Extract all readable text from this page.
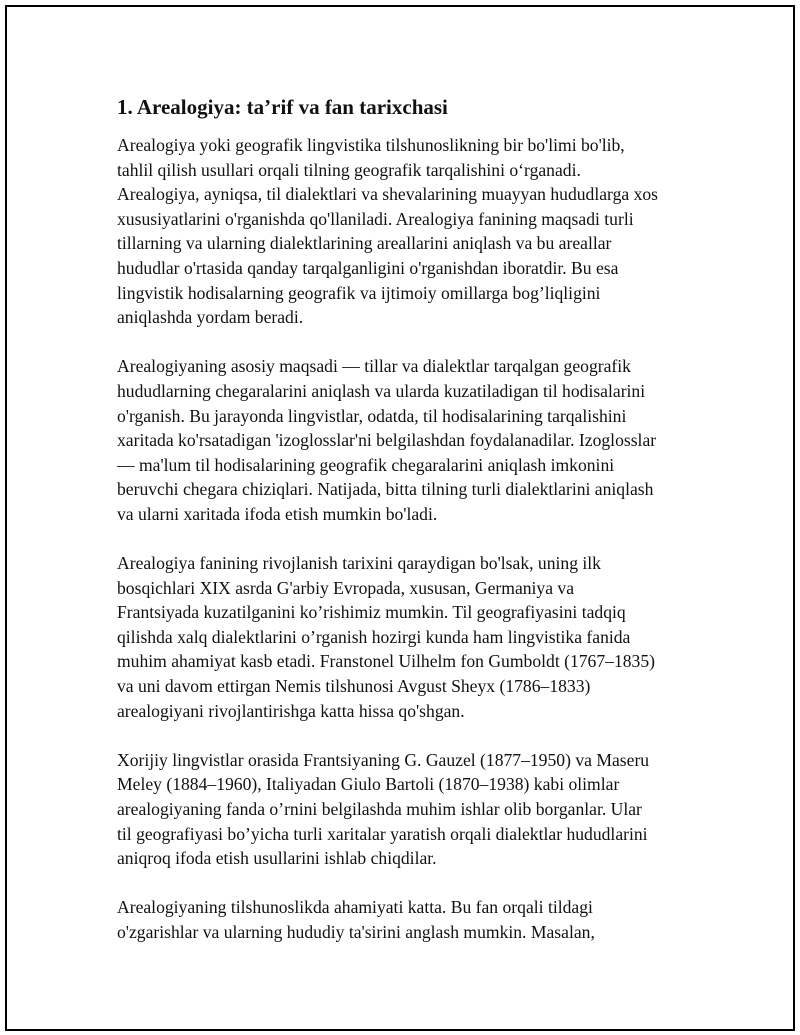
1. Arealogiya: ta’rif va fan tarixchasi

Arealogiya yoki geografik lingvistika tilshunoslikning bir bo'limi bo'lib,
tahlil qilish usullari orqali tilning geografik tarqalishini o‘rganadi.
Arealogiya, ayniqsa, til dialektlari va shevalarining muayyan hududlarga xos
xususiyatlarini o'rganishda qo'llaniladi. Arealogiya fanining maqsadi turli
tillarning va ularning dialektlarining areallarini aniqlash va bu areallar
hududlar o'rtasida qanday tarqalganligini o'rganishdan iboratdir. Bu esa
lingvistik hodisalarning geografik va ijtimoiy omillarga bog’liqligini
aniqlashda yordam beradi.

Arealogiyaning asosiy maqsadi — tillar va dialektlar tarqalgan geografik
hududlarning chegaralarini aniqlash va ularda kuzatiladigan til hodisalarini
o'rganish. Bu jarayonda lingvistlar, odatda, til hodisalarining tarqalishini
xaritada ko'rsatadigan 'izoglosslar'ni belgilashdan foydalanadilar. Izoglosslar
— ma'lum til hodisalarining geografik chegaralarini aniqlash imkonini
beruvchi chegara chiziqlari. Natijada, bitta tilning turli dialektlarini aniqlash
va ularni xaritada ifoda etish mumkin bo'ladi.

Arealogiya fanining rivojlanish tarixini qaraydigan bo'lsak, uning ilk
bosqichlari XIX asrda G'arbiy Evropada, xususan, Germaniya va
Frantsiyada kuzatilganini ko’rishimiz mumkin. Til geografiyasini tadqiq
qilishda xalq dialektlarini o’rganish hozirgi kunda ham lingvistika fanida
muhim ahamiyat kasb etadi. Franstonel Uilhelm fon Gumboldt (1767–1835)
va uni davom ettirgan Nemis tilshunosi Avgust Sheyx (1786–1833)
arealogiyani rivojlantirishga katta hissa qo'shgan.

Xorijiy lingvistlar orasida Frantsiyaning G. Gauzel (1877–1950) va Maseru
Meley (1884–1960), Italiyadan Giulo Bartoli (1870–1938) kabi olimlar
arealogiyaning fanda o’rnini belgilashda muhim ishlar olib borganlar. Ular
til geografiyasi bo’yicha turli xaritalar yaratish orqali dialektlar hududlarini
aniqroq ifoda etish usullarini ishlab chiqdilar.

Arealogiyaning tilshunoslikda ahamiyati katta. Bu fan orqali tildagi
o'zgarishlar va ularning hududiy ta'sirini anglash mumkin. Masalan,
